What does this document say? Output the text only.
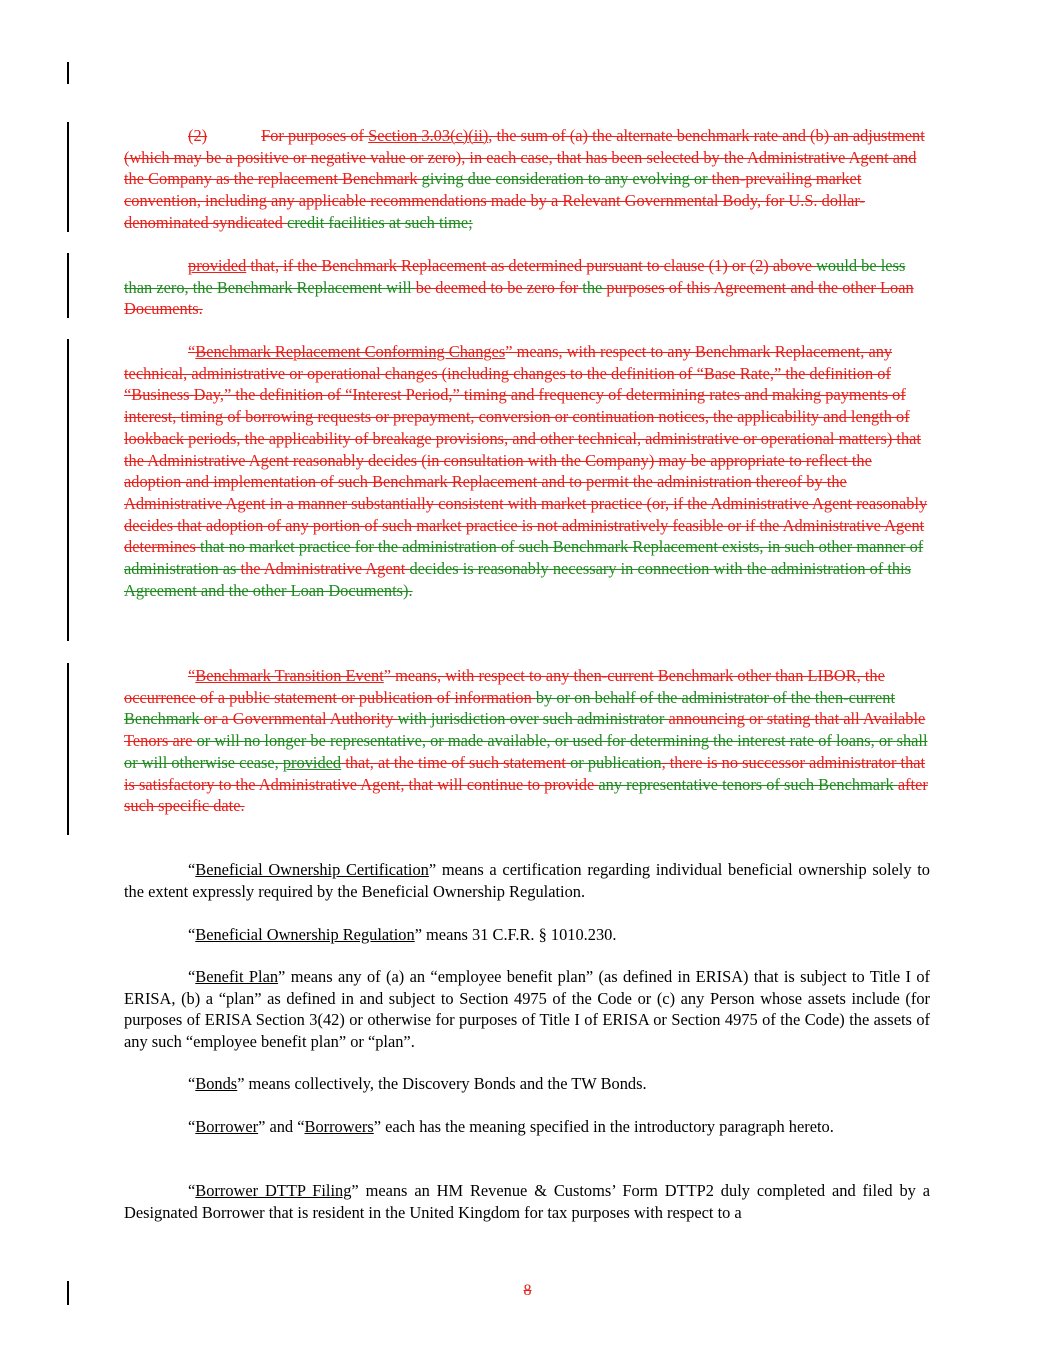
(2)	For purposes of Section 3.03(c)(ii), the sum of (a) the alternate benchmark rate and (b) an adjustment (which may be a positive or negative value or zero), in each case, that has been selected by the Administrative Agent and the Company as the replacement Benchmark giving due consideration to any evolving or then-prevailing market convention, including any applicable recommendations made by a Relevant Governmental Body, for U.S. dollar-denominated syndicated credit facilities at such time;

provided that, if the Benchmark Replacement as determined pursuant to clause (1) or (2) above would be less than zero, the Benchmark Replacement will be deemed to be zero for the purposes of this Agreement and the other Loan Documents.

“Benchmark Replacement Conforming Changes” means, with respect to any Benchmark Replacement, any technical, administrative or operational changes (including changes to the definition of “Base Rate,” the definition of “Business Day,” the definition of “Interest Period,” timing and frequency of determining rates and making payments of interest, timing of borrowing requests or prepayment, conversion or continuation notices, the applicability and length of lookback periods, the applicability of breakage provisions, and other technical, administrative or operational matters) that the Administrative Agent reasonably decides (in consultation with the Company) may be appropriate to reflect the adoption and implementation of such Benchmark Replacement and to permit the administration thereof by the Administrative Agent in a manner substantially consistent with market practice (or, if the Administrative Agent reasonably decides that adoption of any portion of such market practice is not administratively feasible or if the Administrative Agent determines that no market practice for the administration of such Benchmark Replacement exists, in such other manner of administration as the Administrative Agent decides is reasonably necessary in connection with the administration of this Agreement and the other Loan Documents).

“Benchmark Transition Event” means, with respect to any then-current Benchmark other than LIBOR, the occurrence of a public statement or publication of information by or on behalf of the administrator of the then-current Benchmark or a Governmental Authority with jurisdiction over such administrator announcing or stating that all Available Tenors are or will no longer be representative, or made available, or used for determining the interest rate of loans, or shall or will otherwise cease, provided that, at the time of such statement or publication, there is no successor administrator that is satisfactory to the Administrative Agent, that will continue to provide any representative tenors of such Benchmark after such specific date.

“Beneficial Ownership Certification” means a certification regarding individual beneficial ownership solely to the extent expressly required by the Beneficial Ownership Regulation.

“Beneficial Ownership Regulation” means 31 C.F.R. § 1010.230.

“Benefit Plan” means any of (a) an “employee benefit plan” (as defined in ERISA) that is subject to Title I of ERISA, (b) a “plan” as defined in and subject to Section 4975 of the Code or (c) any Person whose assets include (for purposes of ERISA Section 3(42) or otherwise for purposes of Title I of ERISA or Section 4975 of the Code) the assets of any such “employee benefit plan” or “plan”.

“Bonds” means collectively, the Discovery Bonds and the TW Bonds.

“Borrower” and “Borrowers” each has the meaning specified in the introductory paragraph hereto.

“Borrower DTTP Filing” means an HM Revenue & Customs’ Form DTTP2 duly completed and filed by a Designated Borrower that is resident in the United Kingdom for tax purposes with respect to a

8
